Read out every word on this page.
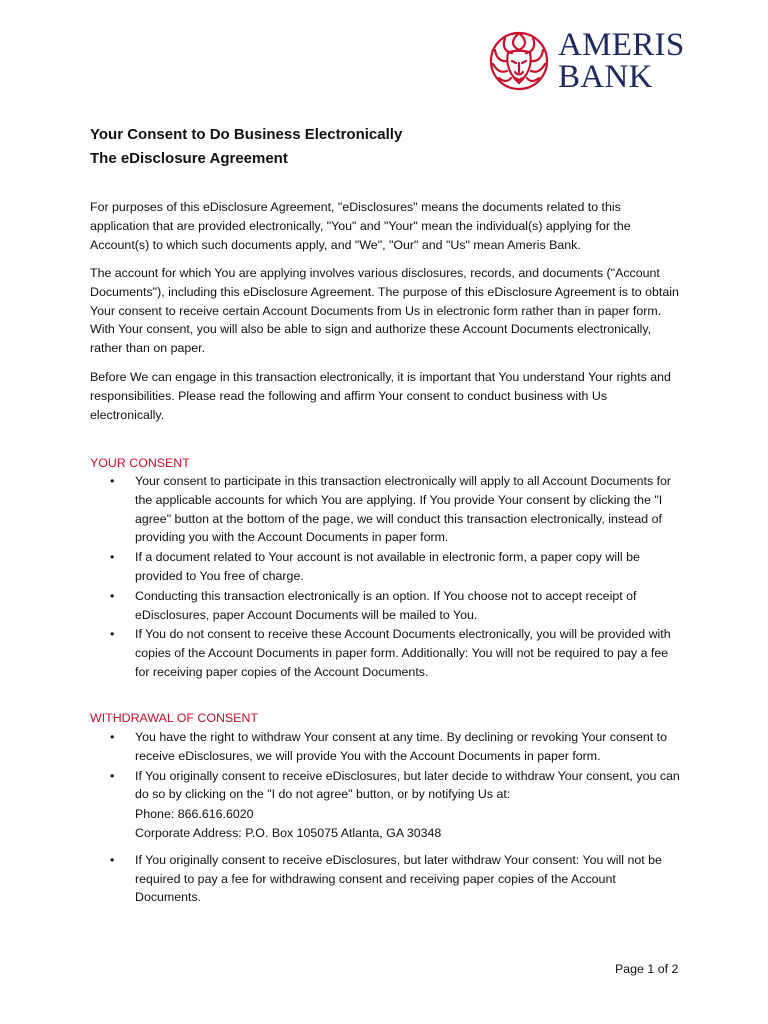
AMERIS
BANK
Your Consent to Do Business Electronically
The eDisclosure Agreement

For purposes of this eDisclosure Agreement, "eDisclosures" means the documents related to this application that are provided electronically, "You" and "Your" mean the individual(s) applying for the Account(s) to which such documents apply, and "We", "Our" and "Us" mean Ameris Bank.

The account for which You are applying involves various disclosures, records, and documents ("Account Documents"), including this eDisclosure Agreement. The purpose of this eDisclosure Agreement is to obtain Your consent to receive certain Account Documents from Us in electronic form rather than in paper form. With Your consent, you will also be able to sign and authorize these Account Documents electronically, rather than on paper.

Before We can engage in this transaction electronically, it is important that You understand Your rights and responsibilities. Please read the following and affirm Your consent to conduct business with Us electronically.

YOUR CONSENT
• Your consent to participate in this transaction electronically will apply to all Account Documents for the applicable accounts for which You are applying. If You provide Your consent by clicking the "I agree" button at the bottom of the page, we will conduct this transaction electronically, instead of providing you with the Account Documents in paper form.
• If a document related to Your account is not available in electronic form, a paper copy will be provided to You free of charge.
• Conducting this transaction electronically is an option. If You choose not to accept receipt of eDisclosures, paper Account Documents will be mailed to You.
• If You do not consent to receive these Account Documents electronically, you will be provided with copies of the Account Documents in paper form. Additionally: You will not be required to pay a fee for receiving paper copies of the Account Documents.
WITHDRAWAL OF CONSENT
• You have the right to withdraw Your consent at any time. By declining or revoking Your consent to receive eDisclosures, we will provide You with the Account Documents in paper form.
• If You originally consent to receive eDisclosures, but later decide to withdraw Your consent, you can do so by clicking on the "I do not agree" button, or by notifying Us at:
Phone: 866.616.6020
Corporate Address: P.O. Box 105075 Atlanta, GA 30348
• If You originally consent to receive eDisclosures, but later withdraw Your consent: You will not be required to pay a fee for withdrawing consent and receiving paper copies of the Account Documents.
Page 1 of 2
